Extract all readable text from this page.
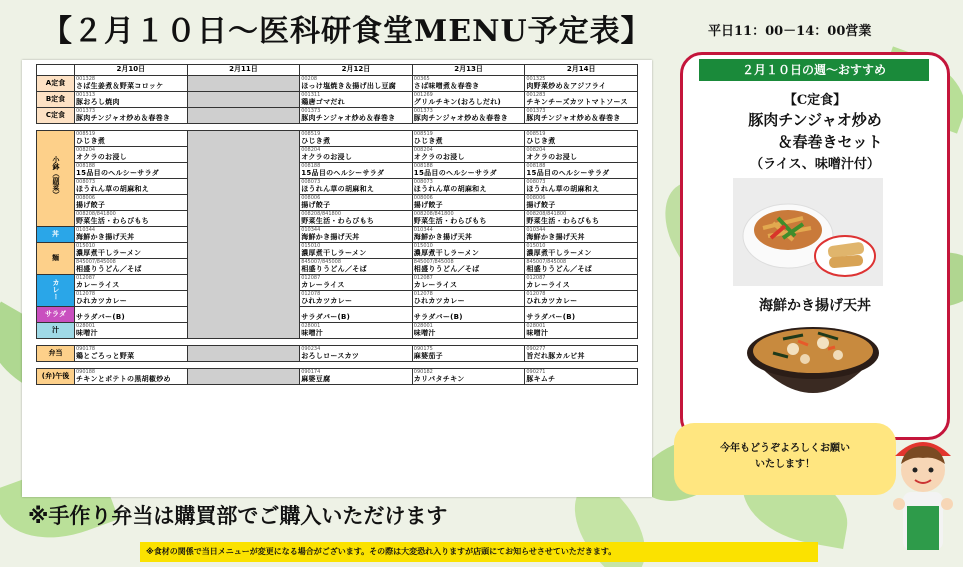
【２月１０日～医科研食堂MENU予定表】	平日11：00－14：00営業
	2月10日	2月11日	2月12日	2月13日	2月14日
A定食	001328		00208	00365	001325
	さば生姜煮＆野菜コロッケ		ほっけ塩焼き＆揚げ出し豆腐	さば味噌煮＆春巻き	肉野菜炒め＆アジフライ
B定食	001313		001311	001269	001283
	豚おろし焼肉		鶏唐ゴマだれ	グリルチキン(おろしだれ)	チキンチーズカツトマトソース
C定食	001373		001373	001373	001373
	豚肉チンジャオ炒め＆春巻き		豚肉チンジャオ炒め＆春巻き	豚肉チンジャオ炒め＆春巻き	豚肉チンジャオ炒め＆春巻き

小鉢（副菜）	008519		008519	008519	008519
	ひじき煮		ひじき煮	ひじき煮	ひじき煮
	008204		008204	008204	008204
	オクラのお浸し		オクラのお浸し	オクラのお浸し	オクラのお浸し
	008188		008188	008188	008188
	15品目のヘルシーサラダ		15品目のヘルシーサラダ	15品目のヘルシーサラダ	15品目のヘルシーサラダ
	008073		008073	008073	008073
	ほうれん草の胡麻和え		ほうれん草の胡麻和え	ほうれん草の胡麻和え	ほうれん草の胡麻和え
	008006		008006	008006	008006
	揚げ餃子		揚げ餃子	揚げ餃子	揚げ餃子
	008208/841800		008208/841800	008208/841800	008208/841800
	野菜生活・わらびもち		野菜生活・わらびもち	野菜生活・わらびもち	野菜生活・わらびもち
丼	010344		010344	010344	010344
	海鮮かき揚げ天丼		海鮮かき揚げ天丼	海鮮かき揚げ天丼	海鮮かき揚げ天丼
麺	015010		015010	015010	015010
	濃厚煮干しラーメン		濃厚煮干しラーメン	濃厚煮干しラーメン	濃厚煮干しラーメン
	845007/845008		845007/845008	845007/845008	845007/845008
	相盛りうどん／そば		相盛りうどん／そば	相盛りうどん／そば	相盛りうどん／そば
カレー	012087		012087	012087	012087
	カレーライス		カレーライス	カレーライス	カレーライス
	012078		012078	012078	012078
	ひれカツカレー		ひれカツカレー	ひれカツカレー	ひれカツカレー
サラダ					
	サラダバー(B)		サラダバー(B)	サラダバー(B)	サラダバー(B)
汁	028001		028001	028001	028001
	味噌汁		味噌汁	味噌汁	味噌汁

弁当	090178		090234	090175	090277
	鶏とごろっと野菜		おろしロースカツ	麻婆茄子	旨だれ豚カルビ丼

(弁)午後	090188		090174	090182	090271
	チキンとポテトの黒胡椒炒め		麻婆豆腐	カリパタチキン	豚キムチ
※手作り弁当は購買部でご購入いただけます
※食材の関係で当日メニューが変更になる場合がございます。その際は大変恐れ入りますが店頭にてお知らせさせていただきます。
２月１０日の週～おすすめ
【C定食】
豚肉チンジャオ炒め
＆春巻きセット
（ライス、味噌汁付）
海鮮かき揚げ天丼
今年もどうぞよろしくお願い
いたします！
